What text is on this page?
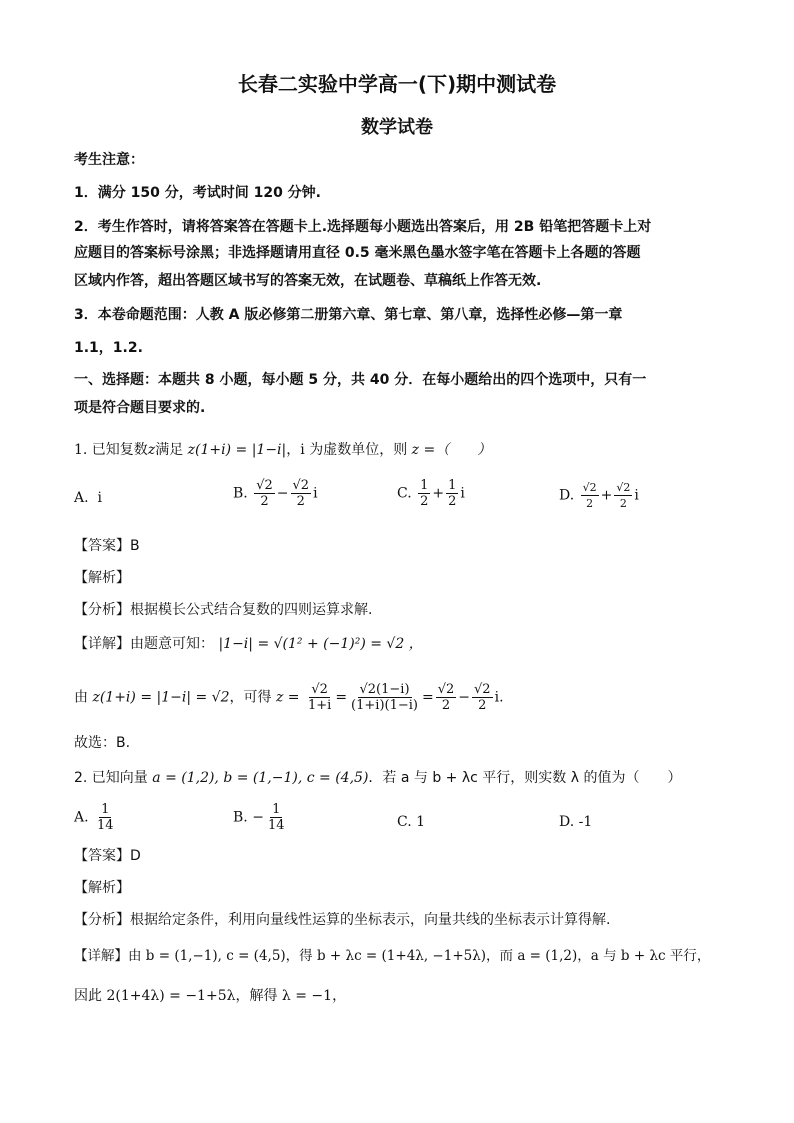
长春二实验中学高一(下)期中测试卷
数学试卷
考生注意：
1．满分 150 分，考试时间 120 分钟.
2．考生作答时，请将答案答在答题卡上.选择题每小题选出答案后，用 2B 铅笔把答题卡上对
应题目的答案标号涂黑；非选择题请用直径 0.5 毫米黑色墨水签字笔在答题卡上各题的答题
区域内作答，超出答题区域书写的答案无效，在试题卷、草稿纸上作答无效.
3．本卷命题范围：人教 A 版必修第二册第六章、第七章、第八章，选择性必修—第一章
1.1，1.2.
一、选择题：本题共 8 小题，每小题 5 分，共 40 分．在每小题给出的四个选项中，只有一
项是符合题目要求的.
1. 已知复数z满足 z(1+i) = |1−i|，i 为虚数单位，则 z =（　　）
A. i	B. $\frac{√2}{2} - \frac{√2}{2}$ i	C. $\frac{1}{2} + \frac{1}{2}$ i	D. $\frac{√2}{2} + \frac{√2}{2}$ i
【答案】B
【解析】
【分析】根据模长公式结合复数的四则运算求解.
【详解】由题意可知： |1−i| = √(1² + (−1)²) = √2 ，
由 z(1+i) = |1−i| = √2，可得 $z = \frac{√2}{1+i} = \frac{√2(1-i)}{(1+i)(1-i)} = \frac{√2}{2} - \frac{√2}{2} i$.
故选：B.
2. 已知向量 a = (1,2), b = (1,−1), c = (4,5)．若 a 与 b + λc 平行，则实数 λ 的值为（　　）
A. $\frac{1}{14}$	B. − $\frac{1}{14}$	C. 1	D. -1
【答案】D
【解析】
【分析】根据给定条件，利用向量线性运算的坐标表示，向量共线的坐标表示计算得解.
【详解】由 b = (1,−1), c = (4,5)，得 b + λc = (1+4λ, −1+5λ)，而 a = (1,2)，a 与 b + λc 平行，
因此 2(1+4λ) = −1+5λ，解得 λ = −1，
